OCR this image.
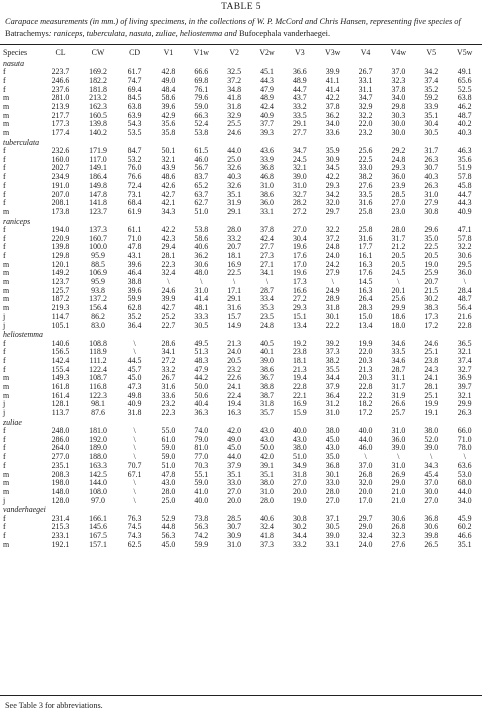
TABLE 5
Carapace measurements (in mm.) of living specimens, in the collections of W. P. McCord and Chris Hansen, representing five species of Batrachemys: raniceps, tuberculata, nasuta, zuliae, heliostemma and Bufocephala vanderhaegei.
Species	CL	CW	CD	V1	V1w	V2	V2w	V3	V3w	V4	V4w	V5	V5w
nasuta													
f	223.7	169.2	61.7	42.8	66.6	32.5	45.1	36.6	39.9	26.7	37.0	34.2	49.1
f	246.6	182.2	74.7	49.0	69.8	37.2	44.3	48.9	41.1	33.1	32.3	37.4	65.6
f	237.6	181.8	69.4	48.4	76.1	34.8	47.9	44.7	41.4	31.1	37.8	35.2	52.5
m	281.0	213.2	84.5	58.6	79.6	41.8	48.9	43.7	42.2	34.7	34.0	59.2	63.8
m	213.9	162.3	63.8	39.6	59.0	31.8	42.4	33.2	37.8	32.9	29.8	33.9	46.2
m	217.7	160.5	63.9	42.9	66.3	32.9	40.9	33.5	36.2	32.2	30.3	35.1	48.7
m	177.3	139.8	54.3	35.6	52.4	25.5	37.7	29.1	34.0	22.0	30.0	30.4	40.2
m	177.4	140.2	53.5	35.8	53.8	24.6	39.3	27.7	33.6	23.2	30.0	30.5	40.3
tuberculata													
f	232.6	171.9	84.7	50.1	61.5	44.0	43.6	34.7	35.9	25.6	29.2	31.7	46.3
f	160.0	117.0	53.2	32.1	46.0	25.0	33.9	24.5	30.9	22.5	24.8	26.3	35.6
f	202.7	149.1	76.0	43.9	56.7	32.6	36.8	32.1	34.5	33.0	29.3	30.7	51.9
f	234.9	186.4	76.6	48.6	83.7	40.3	46.8	39.0	42.2	38.2	36.0	40.3	57.8
f	191.0	149.8	72.4	42.6	65.2	32.6	31.0	31.0	29.3	27.6	23.9	26.3	45.8
f	207.0	147.8	73.1	42.7	63.7	35.1	38.6	32.7	34.2	33.5	28.5	31.0	44.7
f	208.1	141.8	68.4	42.1	62.7	31.9	36.0	28.2	32.0	31.6	27.0	27.9	44.3
m	173.8	123.7	61.9	34.3	51.0	29.1	33.1	27.2	29.7	25.8	23.0	30.8	40.9
raniceps													
f	194.0	137.3	61.1	42.2	53.8	28.0	37.8	27.0	32.2	25.8	28.0	29.6	47.1
f	220.9	160.7	71.0	42.3	58.6	33.2	42.4	30.4	37.2	31.6	31.7	35.0	57.8
f	139.8	100.0	47.8	29.4	40.6	20.7	27.7	19.6	24.8	17.7	21.2	22.5	32.2
f	129.8	95.9	43.1	28.1	36.2	18.1	27.3	17.6	24.0	16.1	20.5	20.5	30.6
m	120.1	88.5	39.6	22.3	30.6	16.9	27.1	17.0	24.2	16.3	20.5	19.0	29.5
m	149.2	106.9	46.4	32.4	48.0	22.5	34.1	19.6	27.9	17.6	24.5	25.9	36.0
m	123.7	95.9	38.8	\	\	\	\	17.3	\	14.5	\	20.7	\
m	125.7	93.8	39.6	24.6	31.0	17.1	28.7	16.6	24.9	16.3	20.1	21.5	28.4
m	187.2	137.2	59.9	39.9	41.4	29.1	33.4	27.2	28.9	26.4	25.6	30.2	48.7
m	219.3	156.4	62.8	42.7	48.1	31.6	35.3	29.3	31.8	28.3	29.9	38.3	56.4
j	114.7	86.2	35.2	25.2	33.3	15.7	23.5	15.1	30.1	15.0	18.6	17.3	21.6
j	105.1	83.0	36.4	22.7	30.5	14.9	24.8	13.4	22.2	13.4	18.0	17.2	22.8
heliostemma													
f	140.6	108.8	\	28.6	49.5	21.3	40.5	19.2	39.2	19.9	34.6	24.6	36.5
f	156.5	118.9	\	34.1	51.3	24.0	40.1	23.8	37.3	22.0	33.5	25.1	32.1
f	142.4	111.2	44.5	27.2	48.3	20.5	39.0	18.1	38.2	20.3	34.6	23.8	37.4
f	155.4	122.4	45.7	33.2	47.9	23.2	38.6	21.3	35.5	21.3	28.7	24.3	32.7
m	149.3	108.7	45.0	26.7	44.2	22.6	36.7	19.4	34.4	20.3	31.1	24.1	36.9
m	161.8	116.8	47.3	31.6	50.0	24.1	38.8	22.8	37.9	22.8	31.7	28.1	39.7
m	161.4	122.3	49.8	33.6	50.6	22.4	38.7	22.1	36.4	22.2	31.9	25.1	32.1
j	128.1	98.1	40.9	23.2	40.4	19.4	31.8	16.9	31.2	18.2	26.6	19.9	29.9
j	113.7	87.6	31.8	22.3	36.3	16.3	35.7	15.9	31.0	17.2	25.7	19.1	26.3
zuliae													
f	248.0	181.0	\	55.0	74.0	42.0	43.0	40.0	38.0	40.0	31.0	38.0	66.0
f	286.0	192.0	\	61.0	79.0	49.0	43.0	43.0	45.0	44.0	36.0	52.0	71.0
f	264.0	189.0	\	59.0	81.0	45.0	50.0	38.0	43.0	46.0	39.0	39.0	78.0
f	277.0	188.0	\	59.0	77.0	44.0	42.0	51.0	35.0	\	\	\	\
f	235.1	163.3	70.7	51.0	70.3	37.9	39.1	34.9	36.8	37.0	31.0	34.3	63.6
m	208.3	142.5	67.1	47.8	55.1	35.1	35.1	31.8	30.1	26.8	26.9	45.4	53.0
m	198.0	144.0	\	43.0	59.0	33.0	38.0	27.0	33.0	32.0	29.0	37.0	68.0
m	148.0	108.0	\	28.0	41.0	27.0	31.0	20.0	28.0	20.0	21.0	30.0	44.0
j	128.0	97.0	\	25.0	40.0	20.0	28.0	19.0	27.0	17.0	21.0	27.0	34.0
vanderhaegei													
f	231.4	166.1	76.3	52.9	73.8	28.5	40.6	30.8	37.1	29.7	30.6	36.8	45.9
f	215.3	145.6	74.5	44.8	56.3	30.7	32.4	30.2	30.5	29.0	26.8	30.6	60.2
f	233.1	167.5	74.3	56.3	74.2	30.9	41.8	34.4	39.0	32.4	32.3	39.8	46.6
m	192.1	157.1	62.5	45.0	59.9	31.0	37.3	33.2	33.1	24.0	27.6	26.5	35.1
See Table 3 for abbreviations.
